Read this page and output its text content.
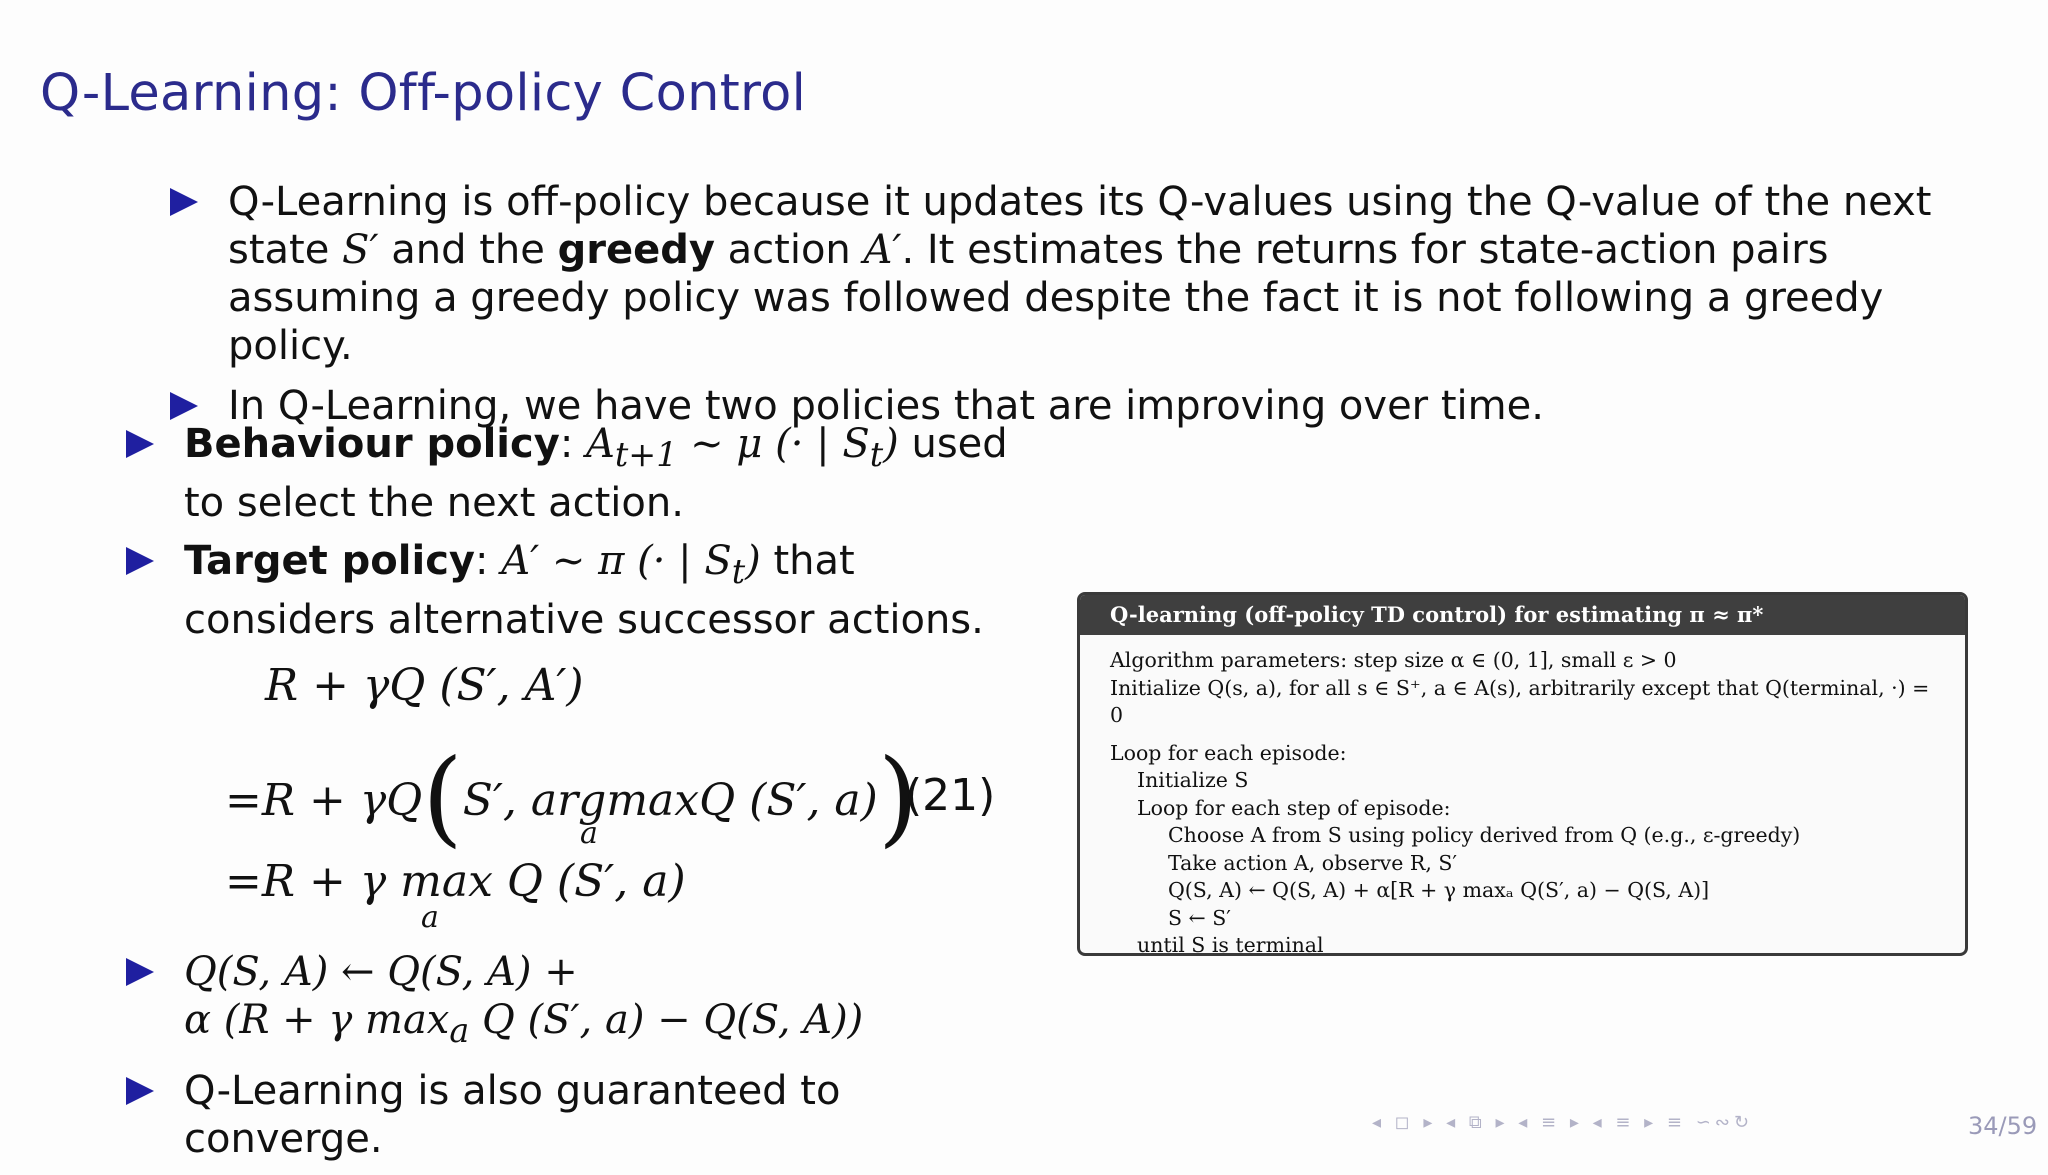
Q-Learning: Off-policy Control
Q-Learning is off-policy because it updates its Q-values using the Q-value of the next state S′ and the greedy action A′. It estimates the returns for state-action pairs assuming a greedy policy was followed despite the fact it is not following a greedy policy.
In Q-Learning, we have two policies that are improving over time.
Behaviour policy: $A_{t+1}$ ~ μ (· | $S_t$) used to select the next action.
Target policy: A′ ~ π (· | $S_t$) that considers alternative successor actions.
R + γQ (S′, A′)
=R + γQ(S′, argmaxQ (S′, a))
a
(21)
=R + γ max Q (S′, a)
a
Q(S, A) ← Q(S, A) +
α (R + γ $\max_a Q$ (S′, a) − Q(S, A))
Q-Learning is also guaranteed to converge.
Q-learning (off-policy TD control) for estimating π ≈ π*
Algorithm parameters: step size α ∈ (0, 1], small ε > 0
Initialize Q(s, a), for all s ∈ S⁺, a ∈ A(s), arbitrarily except that Q(terminal, ·) = 0
Loop for each episode:
Initialize S
Loop for each step of episode:
Choose A from S using policy derived from Q (e.g., ε-greedy)
Take action A, observe R, S′
Q(S, A) ← Q(S, A) + α[R + γ maxₐ Q(S′, a) − Q(S, A)]
S ← S′
until S is terminal
◂ ◻ ▸ ◂ ⧉ ▸ ◂ ≡ ▸ ◂ ≡ ▸ ≡ ∽∾↻	34/59
